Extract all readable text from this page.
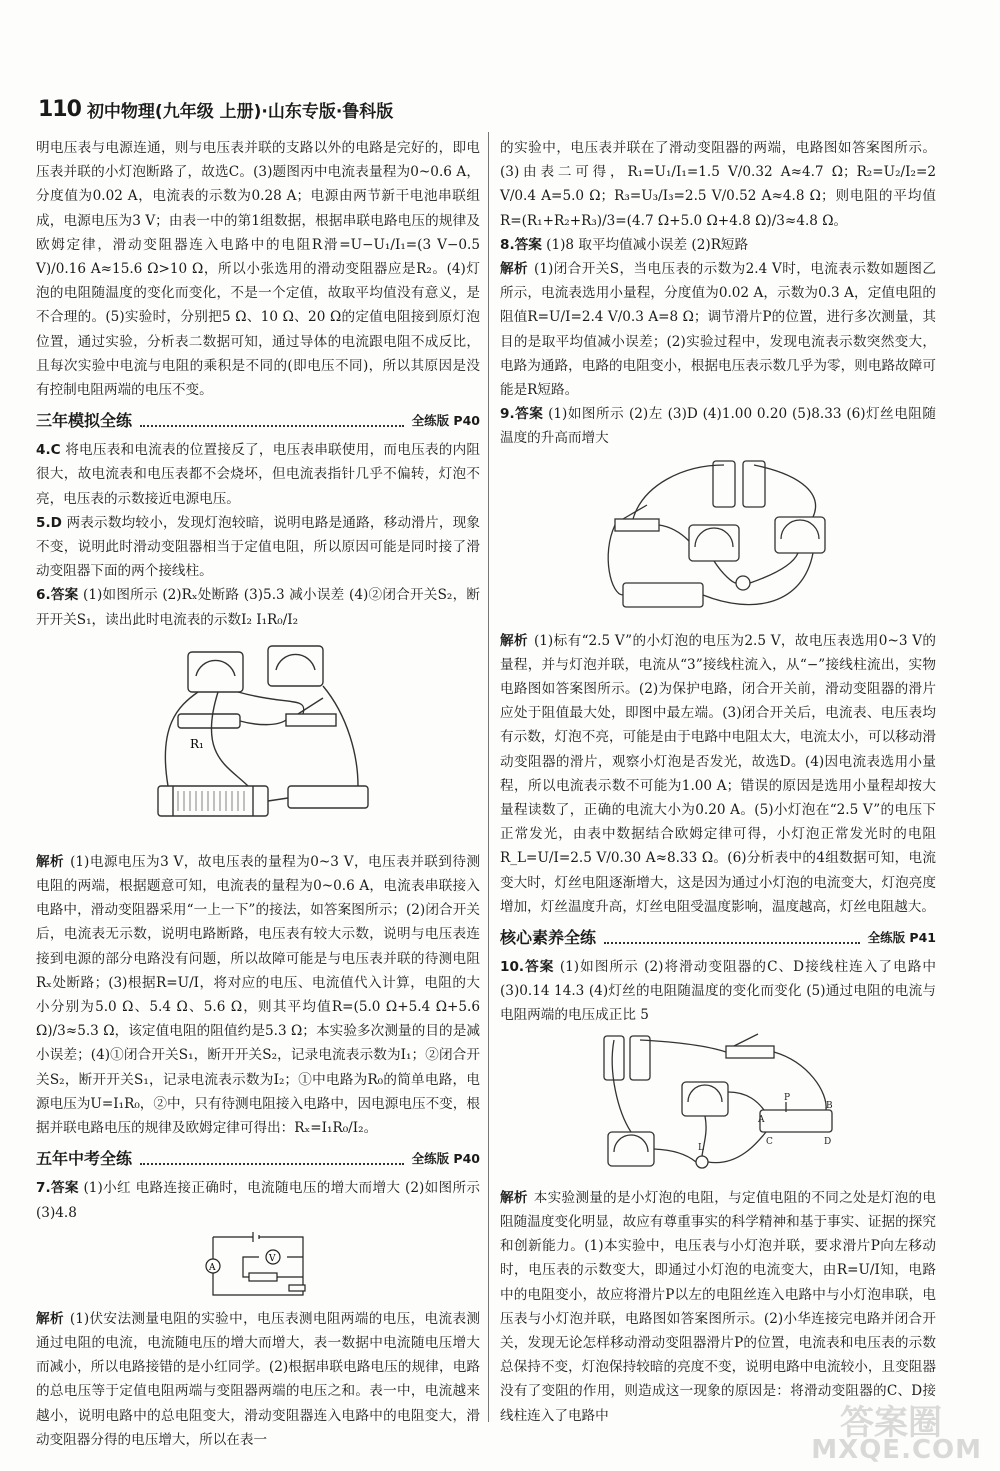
110 初中物理(九年级 上册)·山东专版·鲁科版

明电压表与电源连通，则与电压表并联的支路以外的电路是完好的，即电压表并联的小灯泡断路了，故选C。(3)题图丙中电流表量程为0~0.6 A，分度值为0.02 A，电流表的示数为0.28 A；电源由两节新干电池串联组成，电源电压为3 V；由表一中的第1组数据，根据串联电路电压的规律及欧姆定律，滑动变阻器连入电路中的电阻R滑=U−U₁/I₁=(3 V−0.5 V)/0.16 A≈15.6 Ω>10 Ω，所以小张选用的滑动变阻器应是R₂。(4)灯泡的电阻随温度的变化而变化，不是一个定值，故取平均值没有意义，是不合理的。(5)实验时，分别把5 Ω、10 Ω、20 Ω的定值电阻接到原灯泡位置，通过实验，分析表二数据可知，通过导体的电流跟电阻不成反比，且每次实验中电流与电阻的乘积是不同的(即电压不同)，所以其原因是没有控制电阻两端的电压不变。

三年模拟全练	全练版 P40

4.C 将电压表和电流表的位置接反了，电压表串联使用，而电压表的内阻很大，故电流表和电压表都不会烧坏，但电流表指针几乎不偏转，灯泡不亮，电压表的示数接近电源电压。

5.D 两表示数均较小，发现灯泡较暗，说明电路是通路，移动滑片，现象不变，说明此时滑动变阻器相当于定值电阻，所以原因可能是同时接了滑动变阻器下面的两个接线柱。

6.答案 (1)如图所示 (2)Rₓ处断路 (3)5.3 减小误差 (4)②闭合开关S₂，断开开关S₁，读出此时电流表的示数I₂ I₁R₀/I₂

R₁

解析 (1)电源电压为3 V，故电压表的量程为0~3 V，电压表并联到待测电阻的两端，根据题意可知，电流表的量程为0~0.6 A，电流表串联接入电路中，滑动变阻器采用“一上一下”的接法，如答案图所示；(2)闭合开关后，电流表无示数，说明电路断路，电压表有较大示数，说明与电压表连接到电源的部分电路没有问题，所以故障可能是与电压表并联的待测电阻Rₓ处断路；(3)根据R=U/I，将对应的电压、电流值代入计算，电阻的大小分别为5.0 Ω、5.4 Ω、5.6 Ω，则其平均值R=(5.0 Ω+5.4 Ω+5.6 Ω)/3≈5.3 Ω，该定值电阻的阻值约是5.3 Ω；本实验多次测量的目的是减小误差；(4)①闭合开关S₁，断开开关S₂，记录电流表示数为I₁；②闭合开关S₂，断开开关S₁，记录电流表示数为I₂；①中电路为R₀的简单电路，电源电压为U=I₁R₀，②中，只有待测电阻接入电路中，因电源电压不变，根据并联电路电压的规律及欧姆定律可得出：Rₓ=I₁R₀/I₂。

五年中考全练	全练版 P40

7.答案 (1)小红 电路连接正确时，电流随电压的增大而增大 (2)如图所示 (3)4.8

A
V

解析 (1)伏安法测量电阻的实验中，电压表测电阻两端的电压，电流表测通过电阻的电流，电流随电压的增大而增大，表一数据中电流随电压增大而减小，所以电路接错的是小红同学。(2)根据串联电路电压的规律，电路的总电压等于定值电阻两端与变阻器两端的电压之和。表一中，电流越来越小，说明电路中的总电阻变大，滑动变阻器连入电路中的电阻变大，滑动变阻器分得的电压增大，所以在表一

的实验中，电压表并联在了滑动变阻器的两端，电路图如答案图所示。(3)由表二可得，R₁=U₁/I₁=1.5 V/0.32 A≈4.7 Ω；R₂=U₂/I₂=2 V/0.4 A=5.0 Ω；R₃=U₃/I₃=2.5 V/0.52 A≈4.8 Ω；则电阻的平均值R=(R₁+R₂+R₃)/3=(4.7 Ω+5.0 Ω+4.8 Ω)/3≈4.8 Ω。

8.答案 (1)8 取平均值减小误差 (2)R短路

解析 (1)闭合开关S，当电压表的示数为2.4 V时，电流表示数如题图乙所示，电流表选用小量程，分度值为0.02 A，示数为0.3 A，定值电阻的阻值R=U/I=2.4 V/0.3 A=8 Ω；调节滑片P的位置，进行多次测量，其目的是取平均值减小误差；(2)实验过程中，发现电流表示数突然变大，电路为通路，电路的电阻变小，根据电压表示数几乎为零，则电路故障可能是R短路。

9.答案 (1)如图所示 (2)左 (3)D (4)1.00 0.20 (5)8.33 (6)灯丝电阻随温度的升高而增大

解析 (1)标有“2.5 V”的小灯泡的电压为2.5 V，故电压表选用0~3 V的量程，并与灯泡并联，电流从“3”接线柱流入，从“−”接线柱流出，实物电路图如答案图所示。(2)为保护电路，闭合开关前，滑动变阻器的滑片应处于阻值最大处，即图中最左端。(3)闭合开关后，电流表、电压表均有示数，灯泡不亮，可能是由于电路中电阻太大，电流太小，可以移动滑动变阻器的滑片，观察小灯泡是否发光，故选D。(4)因电流表选用小量程，所以电流表示数不可能为1.00 A；错误的原因是选用小量程却按大量程读数了，正确的电流大小为0.20 A。(5)小灯泡在“2.5 V”的电压下正常发光，由表中数据结合欧姆定律可得，小灯泡正常发光时的电阻R_L=U/I=2.5 V/0.30 A≈8.33 Ω。(6)分析表中的4组数据可知，电流变大时，灯丝电阻逐渐增大，这是因为通过小灯泡的电流变大，灯泡亮度增加，灯丝温度升高，灯丝电阻受温度影响，温度越高，灯丝电阻越大。

核心素养全练	全练版 P41

10.答案 (1)如图所示 (2)将滑动变阻器的C、D接线柱连入了电路中 (3)0.14 14.3 (4)灯丝的电阻随温度的变化而变化 (5)通过电阻的电流与电阻两端的电压成正比 5

A
B
C	D
P
L

解析 本实验测量的是小灯泡的电阻，与定值电阻的不同之处是灯泡的电阻随温度变化明显，故应有尊重事实的科学精神和基于事实、证据的探究和创新能力。(1)本实验中，电压表与小灯泡并联，要求滑片P向左移动时，电压表的示数变大，即通过小灯泡的电流变大，由R=U/I知，电路中的电阻变小，故应将滑片P以左的电阻丝连入电路中与小灯泡串联，电压表与小灯泡并联，电路图如答案图所示。(2)小华连接完电路并闭合开关，发现无论怎样移动滑动变阻器滑片P的位置，电流表和电压表的示数总保持不变，灯泡保持较暗的亮度不变，说明电路中电流较小，且变阻器没有了变阻的作用，则造成这一现象的原因是：将滑动变阻器的C、D接线柱连入了电路中	答案圈
MXQE.COM
